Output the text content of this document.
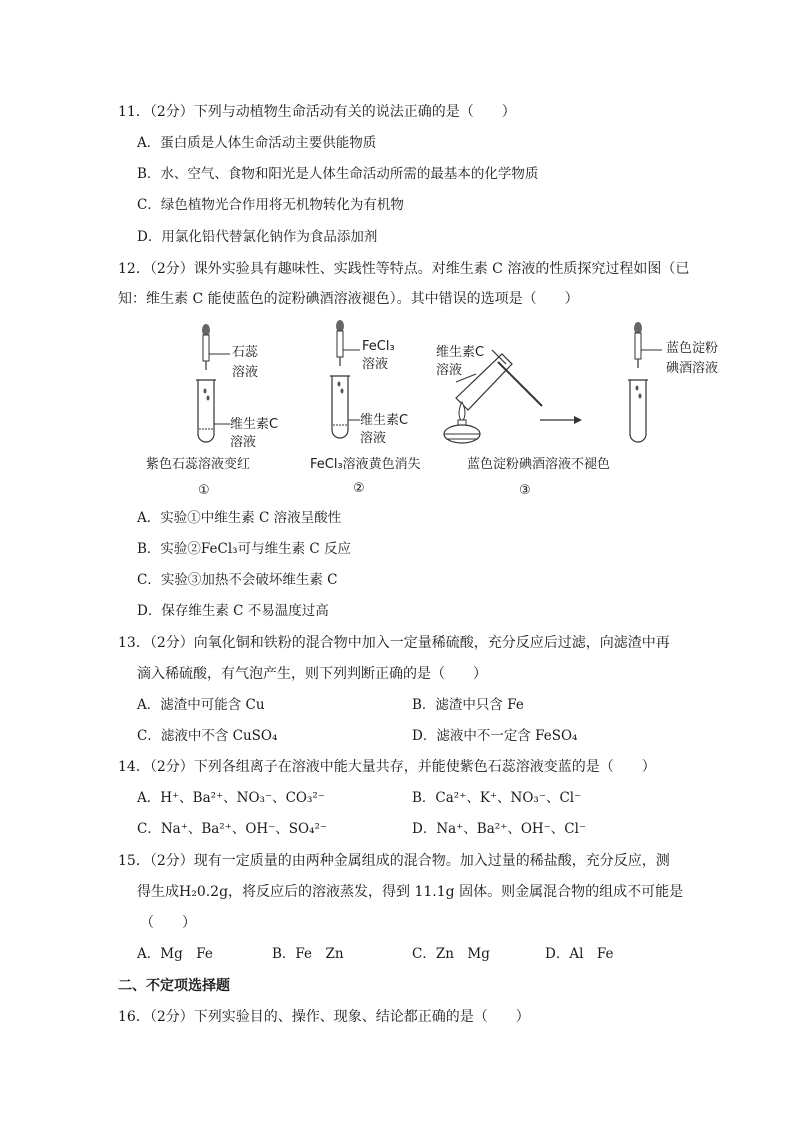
11．（2分）下列与动植物生命活动有关的说法正确的是（　　）
A．蛋白质是人体生命活动主要供能物质
B．水、空气、食物和阳光是人体生命活动所需的最基本的化学物质
C．绿色植物光合作用将无机物转化为有机物
D．用氯化铅代替氯化钠作为食品添加剂
12．（2分）课外实验具有趣味性、实践性等特点。对维生素 C 溶液的性质探究过程如图（已
知：维生素 C 能使蓝色的淀粉碘酒溶液褪色）。其中错误的选项是（　　）
石蕊
溶液
维生素C
溶液
紫色石蕊溶液变红
①
FeCl₃
溶液
维生素C
溶液
FeCl₃溶液黄色消失
②
维生素C
溶液
蓝色淀粉
碘酒溶液
蓝色淀粉碘酒溶液不褪色
③
A．实验①中维生素 C 溶液呈酸性
B．实验②FeCl₃可与维生素 C 反应
C．实验③加热不会破坏维生素 C
D．保存维生素 C 不易温度过高
13．（2分）向氧化铜和铁粉的混合物中加入一定量稀硫酸，充分反应后过滤，向滤渣中再
滴入稀硫酸，有气泡产生，则下列判断正确的是（　　）
A．滤渣中可能含 Cu	B．滤渣中只含 Fe
C．滤液中不含 CuSO₄	D．滤液中不一定含 FeSO₄
14．（2分）下列各组离子在溶液中能大量共存，并能使紫色石蕊溶液变蓝的是（　　）
A．H⁺、Ba²⁺、NO₃⁻、CO₃²⁻	B．Ca²⁺、K⁺、NO₃⁻、Cl⁻
C．Na⁺、Ba²⁺、OH⁻、SO₄²⁻	D．Na⁺、Ba²⁺、OH⁻、Cl⁻
15．（2分）现有一定质量的由两种金属组成的混合物。加入过量的稀盐酸，充分反应，测
得生成H₂0.2g，将反应后的溶液蒸发，得到 11.1g 固体。则金属混合物的组成不可能是
（　　）
A．Mg　Fe	B．Fe　Zn	C．Zn　Mg	D．Al　Fe
二、不定项选择题
16．（2分）下列实验目的、操作、现象、结论都正确的是（　　）
